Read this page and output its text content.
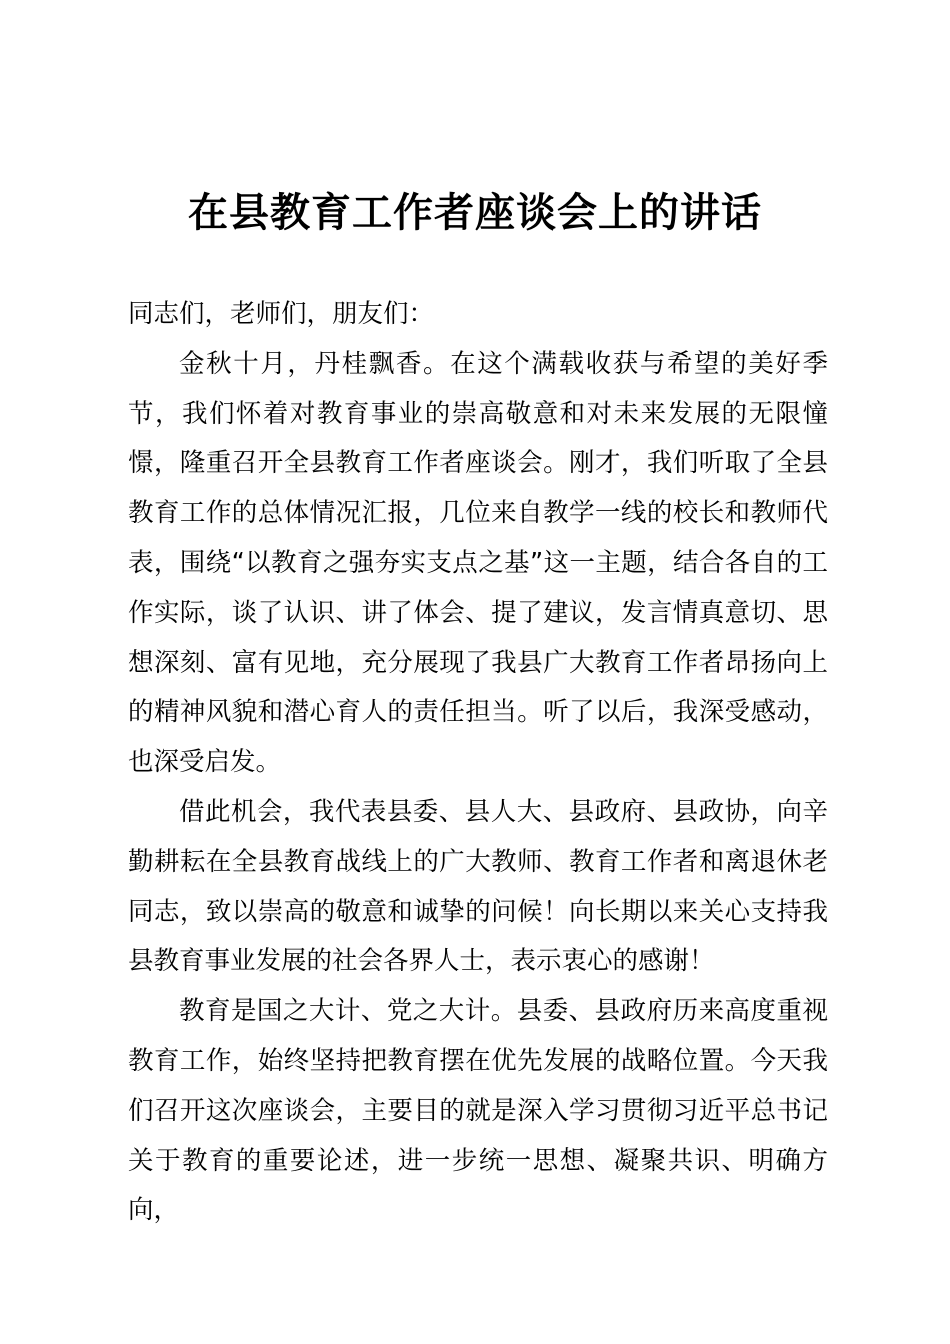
在县教育工作者座谈会上的讲话

同志们，老师们，朋友们：

金秋十月，丹桂飘香。在这个满载收获与希望的美好季节，我们怀着对教育事业的崇高敬意和对未来发展的无限憧憬，隆重召开全县教育工作者座谈会。刚才，我们听取了全县教育工作的总体情况汇报，几位来自教学一线的校长和教师代表，围绕“以教育之强夯实支点之基”这一主题，结合各自的工作实际，谈了认识、讲了体会、提了建议，发言情真意切、思想深刻、富有见地，充分展现了我县广大教育工作者昂扬向上的精神风貌和潜心育人的责任担当。听了以后，我深受感动，也深受启发。

借此机会，我代表县委、县人大、县政府、县政协，向辛勤耕耘在全县教育战线上的广大教师、教育工作者和离退休老同志，致以崇高的敬意和诚挚的问候！向长期以来关心支持我县教育事业发展的社会各界人士，表示衷心的感谢！

教育是国之大计、党之大计。县委、县政府历来高度重视教育工作，始终坚持把教育摆在优先发展的战略位置。今天我们召开这次座谈会，主要目的就是深入学习贯彻习近平总书记关于教育的重要论述，进一步统一思想、凝聚共识、明确方向，
